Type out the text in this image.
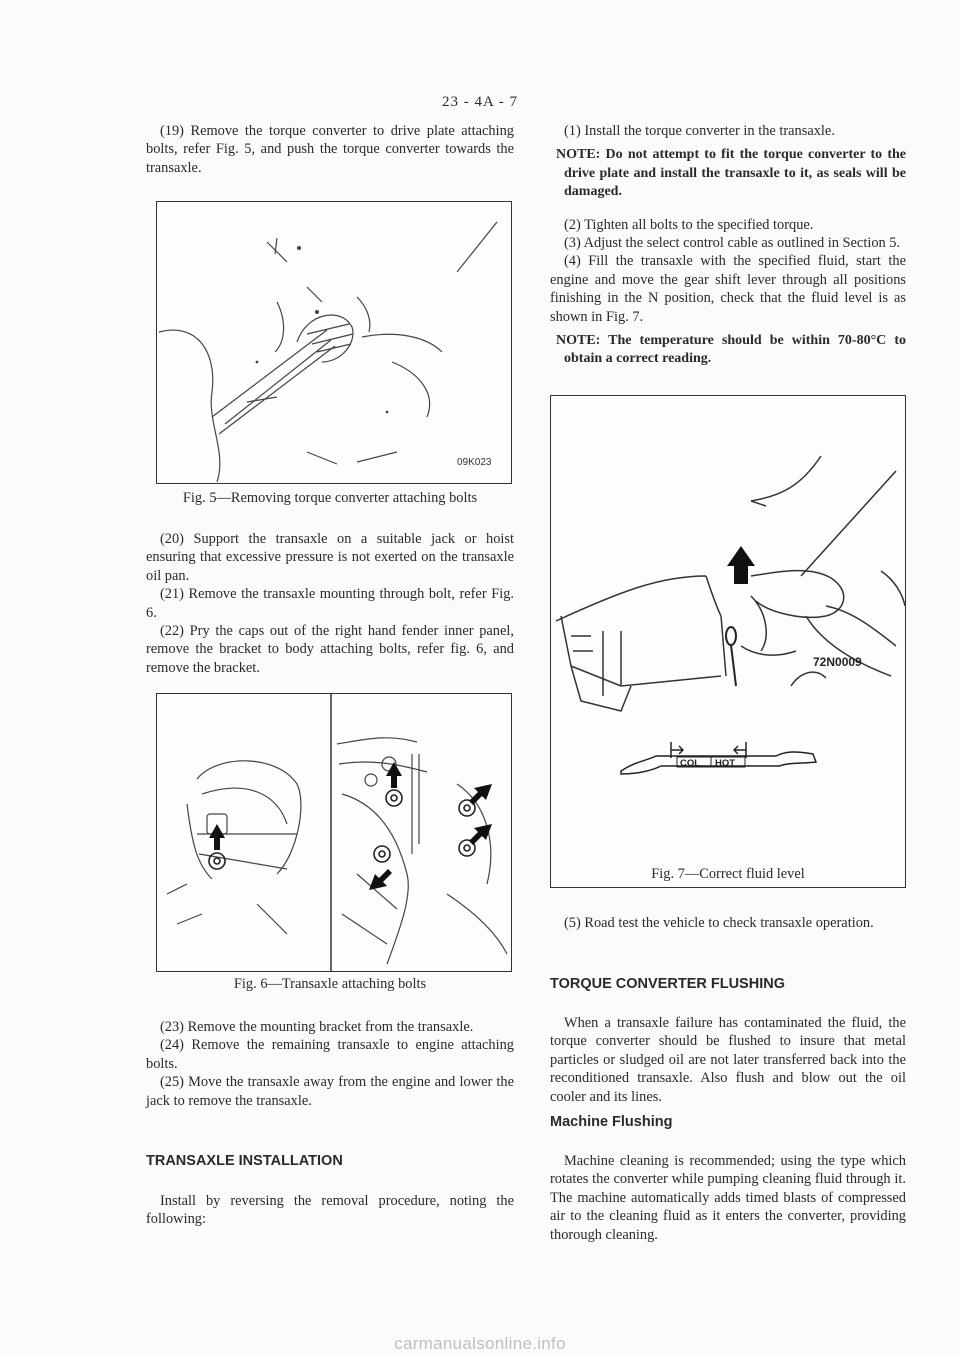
23 - 4A - 7

(19) Remove the torque converter to drive plate attaching bolts, refer Fig. 5, and push the torque converter towards the transaxle.

09K023
Fig. 5—Removing torque converter attaching bolts

(20) Support the transaxle on a suitable jack or hoist ensuring that excessive pressure is not exerted on the transaxle oil pan.

(21) Remove the transaxle mounting through bolt, refer Fig. 6.

(22) Pry the caps out of the right hand fender inner panel, remove the bracket to body attaching bolts, refer fig. 6, and remove the bracket.

Fig. 6—Transaxle attaching bolts

(23) Remove the mounting bracket from the transaxle.

(24) Remove the remaining transaxle to engine attaching bolts.

(25) Move the transaxle away from the engine and lower the jack to remove the transaxle.

TRANSAXLE INSTALLATION

Install by reversing the removal procedure, noting the following:

(1) Install the torque converter in the transaxle.

NOTE: Do not attempt to fit the torque converter to the drive plate and install the transaxle to it, as seals will be damaged.

(2) Tighten all bolts to the specified torque.

(3) Adjust the select control cable as outlined in Section 5.

(4) Fill the transaxle with the specified fluid, start the engine and move the gear shift lever through all positions finishing in the N position, check that the fluid level is as shown in Fig. 7.

NOTE: The temperature should be within 70-80°C to obtain a correct reading.

72N0009
COL HOT
Fig. 7—Correct fluid level

(5) Road test the vehicle to check transaxle operation.

TORQUE CONVERTER FLUSHING

When a transaxle failure has contaminated the fluid, the torque converter should be flushed to insure that metal particles or sludged oil are not later transferred back into the reconditioned transaxle. Also flush and blow out the oil cooler and its lines.

Machine Flushing

Machine cleaning is recommended; using the type which rotates the converter while pumping cleaning fluid through it. The machine automatically adds timed blasts of compressed air to the cleaning fluid as it enters the converter, providing thorough cleaning.

carmanualsonline.info
